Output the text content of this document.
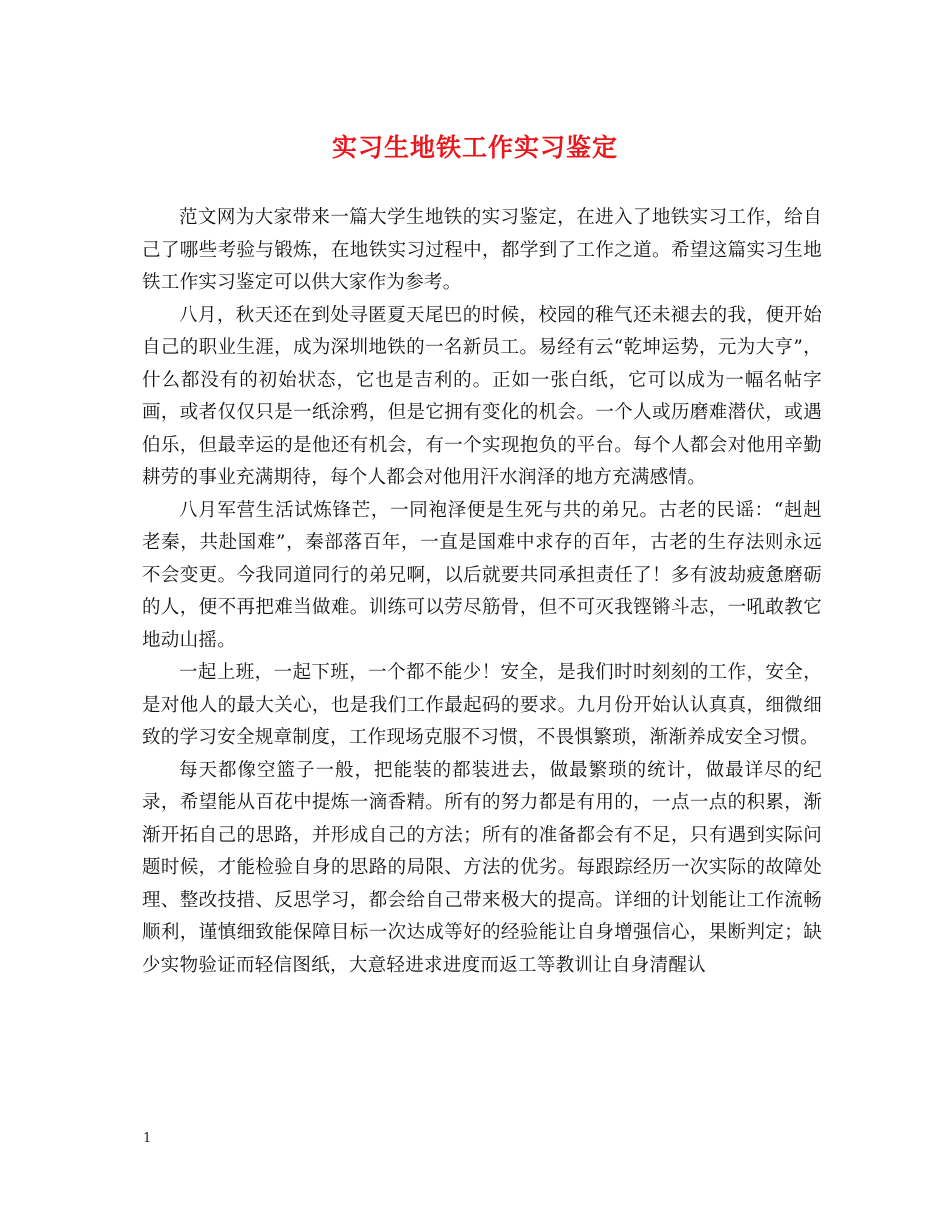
实习生地铁工作实习鉴定

范文网为大家带来一篇大学生地铁的实习鉴定，在进入了地铁实习工作，给自己了哪些考验与锻炼，在地铁实习过程中，都学到了工作之道。希望这篇实习生地铁工作实习鉴定可以供大家作为参考。

八月，秋天还在到处寻匿夏天尾巴的时候，校园的稚气还未褪去的我，便开始自己的职业生涯，成为深圳地铁的一名新员工。易经有云“乾坤运势，元为大亨”，什么都没有的初始状态，它也是吉利的。正如一张白纸，它可以成为一幅名帖字画，或者仅仅只是一纸涂鸦，但是它拥有变化的机会。一个人或历磨难潜伏，或遇伯乐，但最幸运的是他还有机会，有一个实现抱负的平台。每个人都会对他用辛勤耕劳的事业充满期待，每个人都会对他用汗水润泽的地方充满感情。

八月军营生活试炼锋芒，一同袍泽便是生死与共的弟兄。古老的民谣：“赳赳老秦，共赴国难”，秦部落百年，一直是国难中求存的百年，古老的生存法则永远不会变更。今我同道同行的弟兄啊，以后就要共同承担责任了！多有波劫疲惫磨砺的人，便不再把难当做难。训练可以劳尽筋骨，但不可灭我铿锵斗志，一吼敢教它地动山摇。

一起上班，一起下班，一个都不能少！安全，是我们时时刻刻的工作，安全，是对他人的最大关心，也是我们工作最起码的要求。九月份开始认认真真，细微细致的学习安全规章制度，工作现场克服不习惯，不畏惧繁琐，渐渐养成安全习惯。

每天都像空篮子一般，把能装的都装进去，做最繁琐的统计，做最详尽的纪录，希望能从百花中提炼一滴香精。所有的努力都是有用的，一点一点的积累，渐渐开拓自己的思路，并形成自己的方法；所有的准备都会有不足，只有遇到实际问题时候，才能检验自身的思路的局限、方法的优劣。每跟踪经历一次实际的故障处理、整改技措、反思学习，都会给自己带来极大的提高。详细的计划能让工作流畅顺利，谨慎细致能保障目标一次达成等好的经验能让自身增强信心，果断判定；缺少实物验证而轻信图纸，大意轻进求进度而返工等教训让自身清醒认

1
